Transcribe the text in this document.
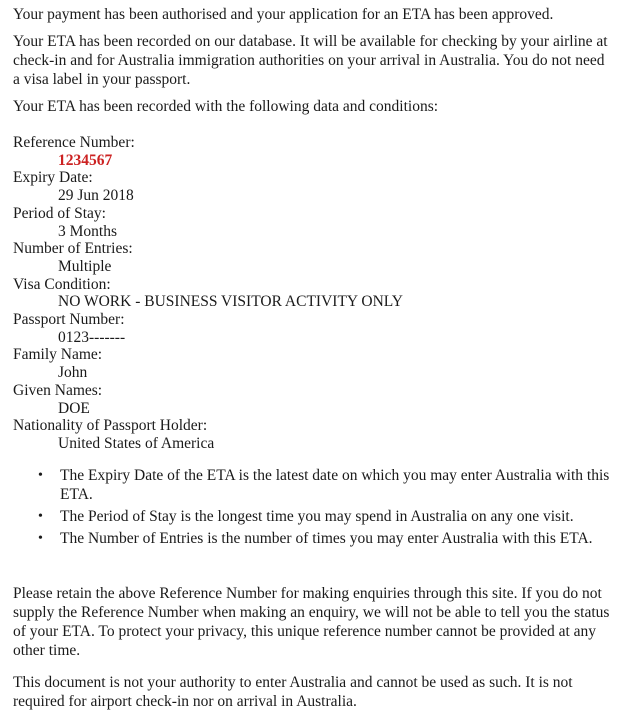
Your payment has been authorised and your application for an ETA has been approved.

Your ETA has been recorded on our database. It will be available for checking by your airline at check-in and for Australia immigration authorities on your arrival in Australia. You do not need a visa label in your passport.

Your ETA has been recorded with the following data and conditions:

Reference Number:
1234567
Expiry Date:
29 Jun 2018
Period of Stay:
3 Months
Number of Entries:
Multiple
Visa Condition:
NO WORK - BUSINESS VISITOR ACTIVITY ONLY
Passport Number:
0123-------
Family Name:
John
Given Names:
DOE
Nationality of Passport Holder:
United States of America
•	The Expiry Date of the ETA is the latest date on which you may enter Australia with this ETA.
•	The Period of Stay is the longest time you may spend in Australia on any one visit.
•	The Number of Entries is the number of times you may enter Australia with this ETA.

Please retain the above Reference Number for making enquiries through this site. If you do not supply the Reference Number when making an enquiry, we will not be able to tell you the status of your ETA. To protect your privacy, this unique reference number cannot be provided at any other time.

This document is not your authority to enter Australia and cannot be used as such. It is not required for airport check-in nor on arrival in Australia.
